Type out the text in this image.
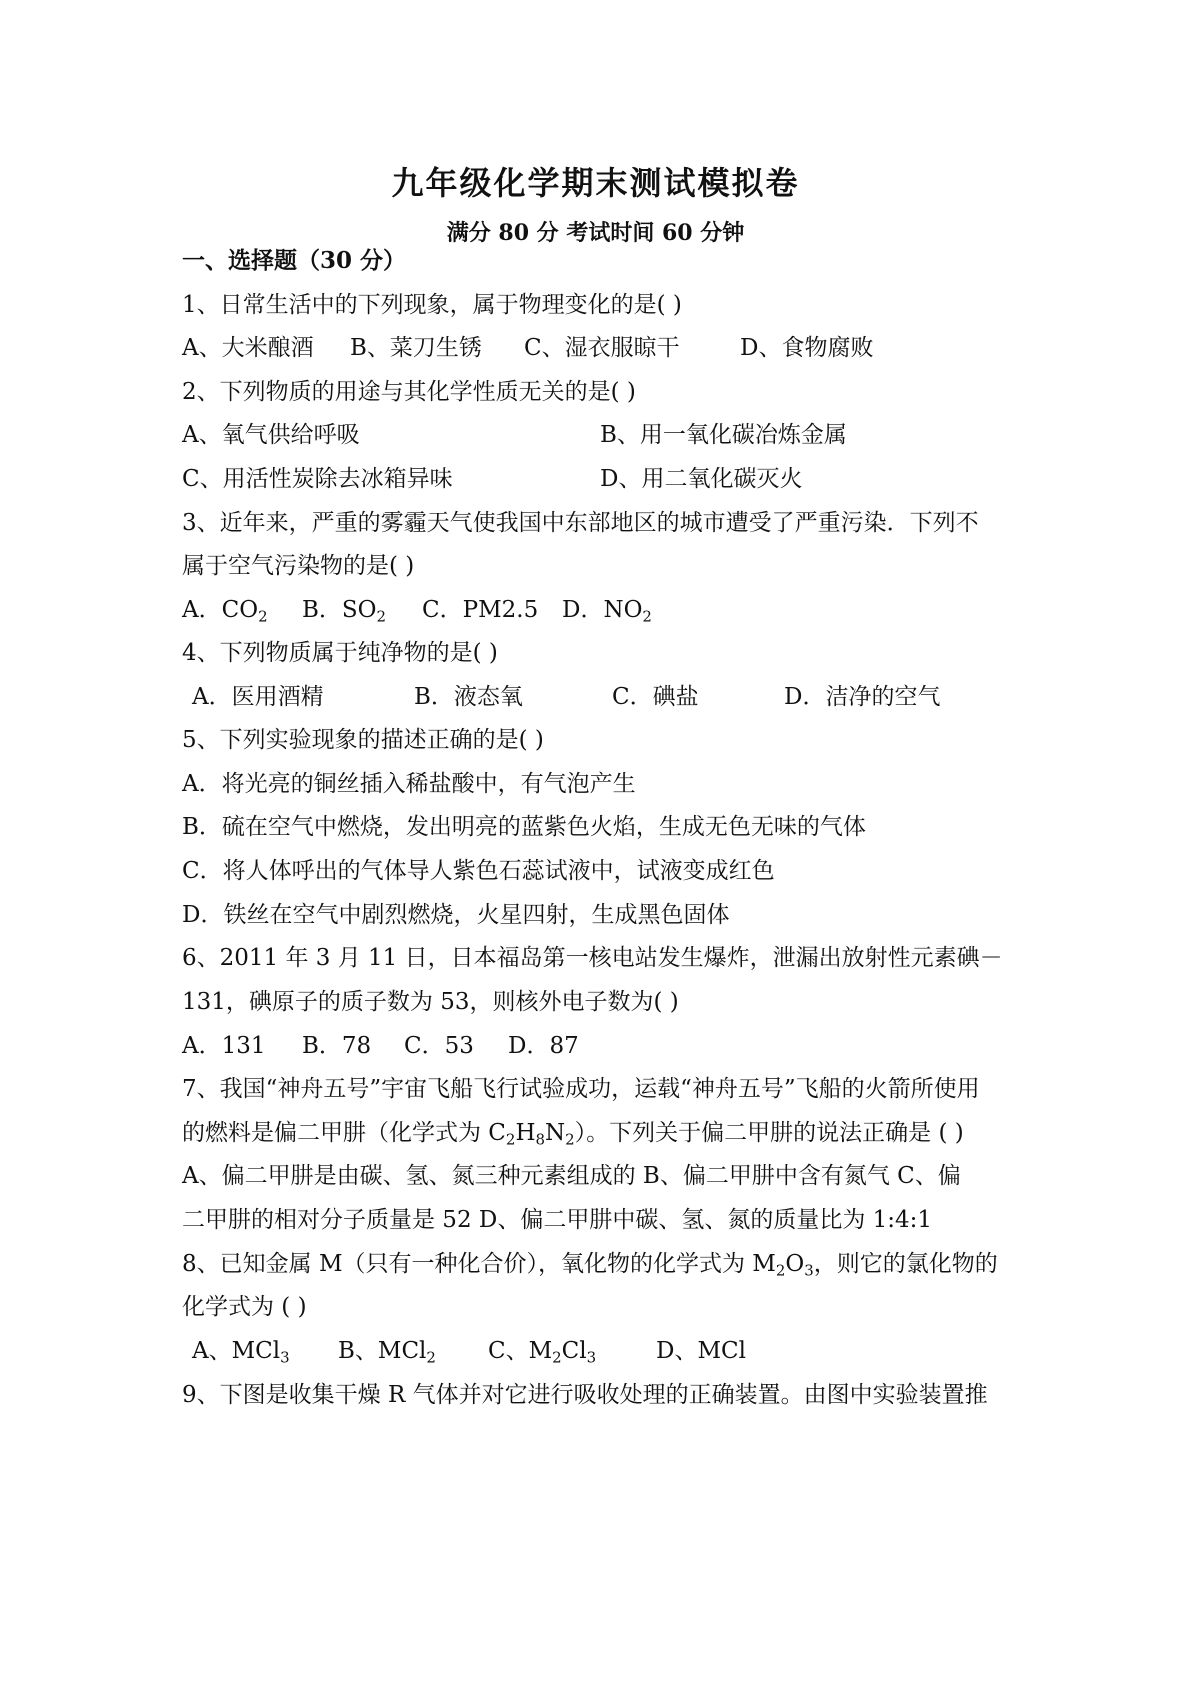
九年级化学期末测试模拟卷
满分 80 分 考试时间 60 分钟
一、选择题（30 分）
1、日常生活中的下列现象，属于物理变化的是( )
A、大米酿酒 B、菜刀生锈 C、湿衣服晾干	D、食物腐败
2、下列物质的用途与其化学性质无关的是( )
A、氧气供给呼吸	B、用一氧化碳冶炼金属
C、用活性炭除去冰箱异味	D、用二氧化碳灭火
3、近年来，严重的雾霾天气使我国中东部地区的城市遭受了严重污染．下列不
属于空气污染物的是( )
A．$CO_2$ B．$SO_2$ C．PM2.5 D．$NO_2$
4、下列物质属于纯净物的是( )
A．医用酒精	B．液态氧	C．碘盐	D．洁净的空气
5、下列实验现象的描述正确的是( )
A．将光亮的铜丝插入稀盐酸中，有气泡产生
B．硫在空气中燃烧，发出明亮的蓝紫色火焰，生成无色无味的气体
C．将人体呼出的气体导人紫色石蕊试液中，试液变成红色
D．铁丝在空气中剧烈燃烧，火星四射，生成黑色固体
6、2011 年 3 月 11 日，日本福岛第一核电站发生爆炸，泄漏出放射性元素碘－
131，碘原子的质子数为 53，则核外电子数为( )
A．131 B．78 C．53 D．87
7、我国“神舟五号”宇宙飞船飞行试验成功，运载“神舟五号”飞船的火箭所使用
的燃料是偏二甲肼（化学式为 $C_2H_8N_2$）。下列关于偏二甲肼的说法正确是 ( )
A、偏二甲肼是由碳、氢、氮三种元素组成的 B、偏二甲肼中含有氮气 C、偏
二甲肼的相对分子质量是 52 D、偏二甲肼中碳、氢、氮的质量比为 1:4:1
8、已知金属 M（只有一种化合价），氧化物的化学式为 $M_2O_3$，则它的氯化物的
化学式为 ( )
A、MCl$_3$ B、MCl$_2$ C、$M_2Cl_3$	D、MCl
9、下图是收集干燥 R 气体并对它进行吸收处理的正确装置。由图中实验装置推
